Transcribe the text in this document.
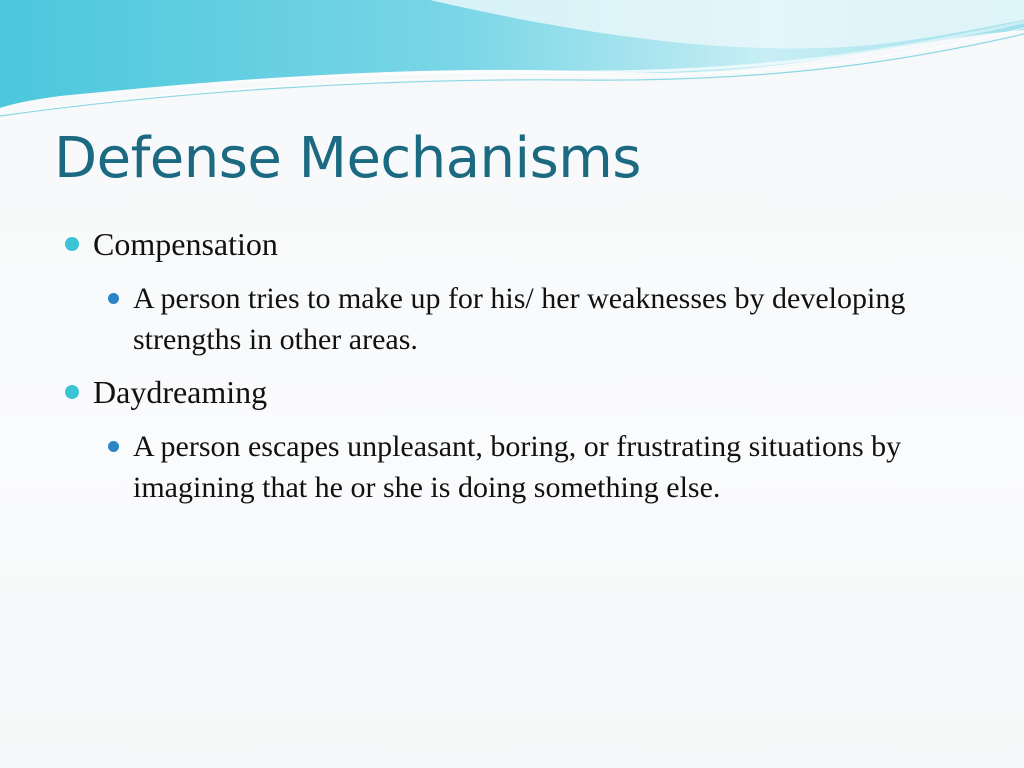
Defense Mechanisms

Compensation

A person tries to make up for his/ her weaknesses by developing strengths in other areas.

Daydreaming

A person escapes unpleasant, boring, or frustrating situations by imagining that he or she is doing something else.
